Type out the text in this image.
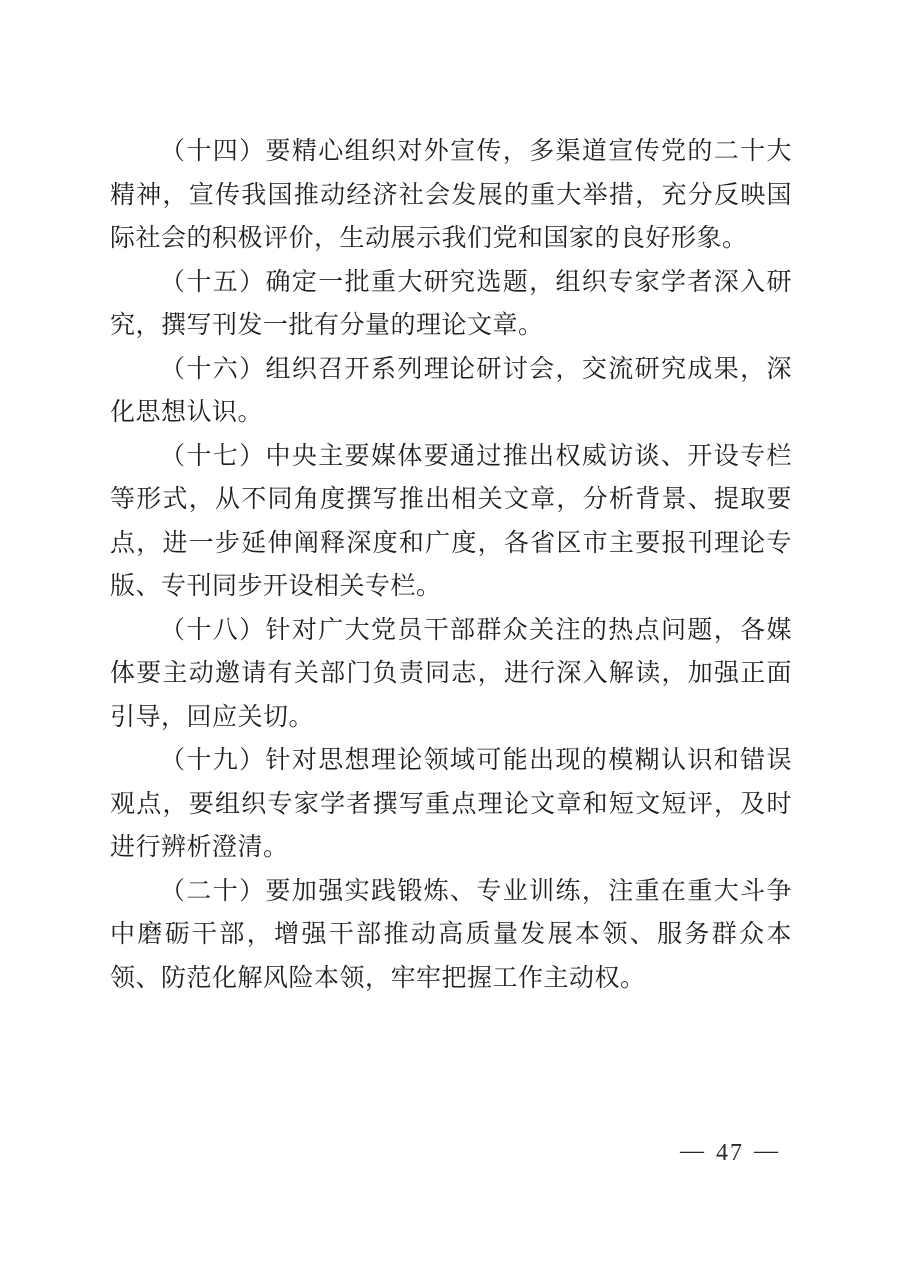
（十四）要精心组织对外宣传，多渠道宣传党的二十大精神，宣传我国推动经济社会发展的重大举措，充分反映国际社会的积极评价，生动展示我们党和国家的良好形象。

（十五）确定一批重大研究选题，组织专家学者深入研究，撰写刊发一批有分量的理论文章。

（十六）组织召开系列理论研讨会，交流研究成果，深化思想认识。

（十七）中央主要媒体要通过推出权威访谈、开设专栏等形式，从不同角度撰写推出相关文章，分析背景、提取要点，进一步延伸阐释深度和广度，各省区市主要报刊理论专版、专刊同步开设相关专栏。

（十八）针对广大党员干部群众关注的热点问题，各媒体要主动邀请有关部门负责同志，进行深入解读，加强正面引导，回应关切。

（十九）针对思想理论领域可能出现的模糊认识和错误观点，要组织专家学者撰写重点理论文章和短文短评，及时进行辨析澄清。

（二十）要加强实践锻炼、专业训练，注重在重大斗争中磨砺干部，增强干部推动高质量发展本领、服务群众本领、防范化解风险本领，牢牢把握工作主动权。

— 47 —
